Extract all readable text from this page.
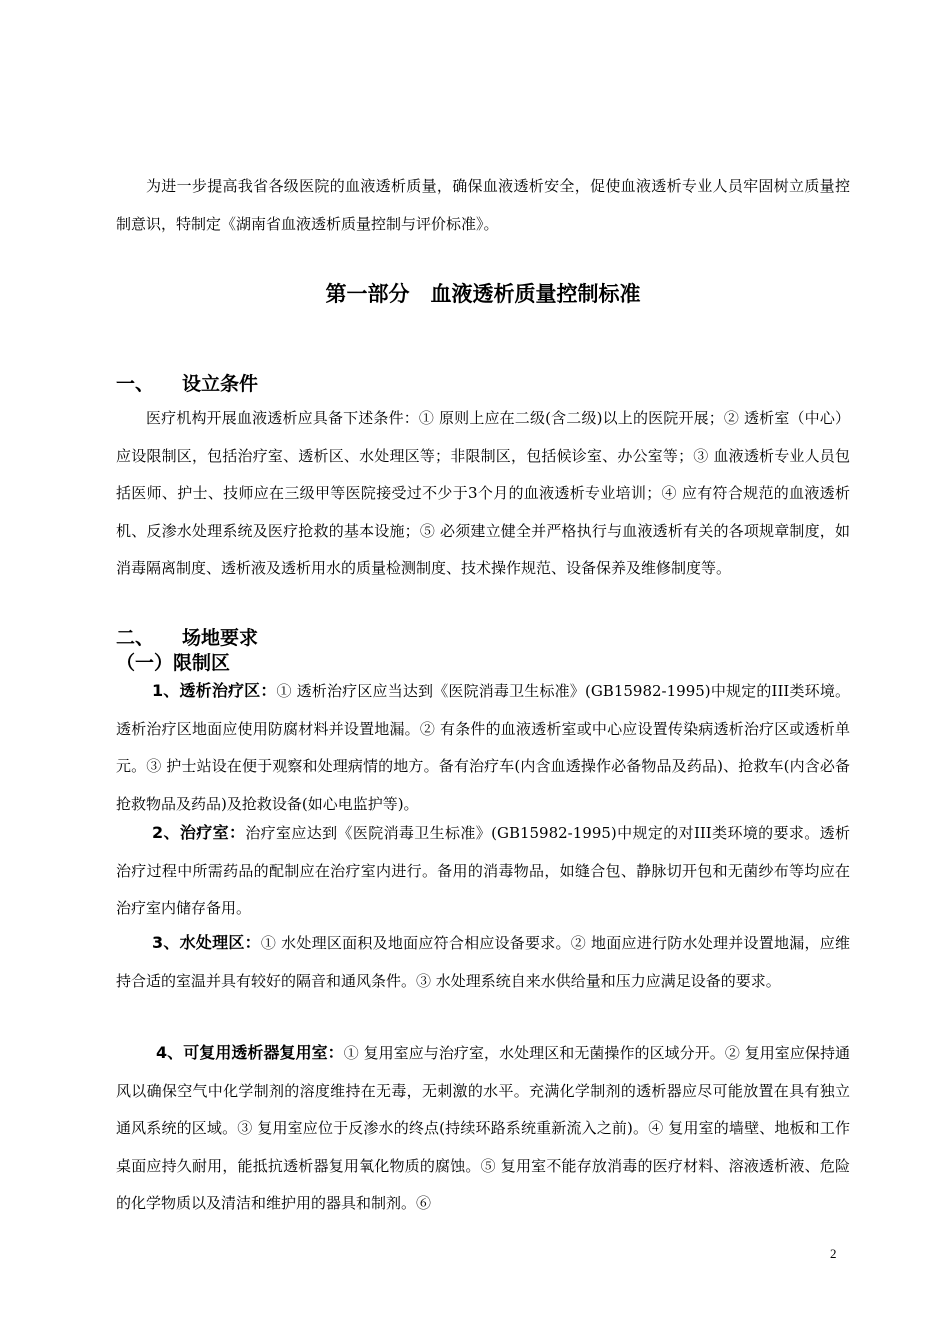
为进一步提高我省各级医院的血液透析质量，确保血液透析安全，促使血液透析专业人员牢固树立质量控制意识，特制定《湖南省血液透析质量控制与评价标准》。

第一部分　血液透析质量控制标准
一、 设立条件

医疗机构开展血液透析应具备下述条件：① 原则上应在二级(含二级)以上的医院开展；② 透析室（中心）应设限制区，包括治疗室、透析区、水处理区等；非限制区，包括候诊室、办公室等；③ 血液透析专业人员包括医师、护士、技师应在三级甲等医院接受过不少于3个月的血液透析专业培训；④ 应有符合规范的血液透析机、反渗水处理系统及医疗抢救的基本设施；⑤ 必须建立健全并严格执行与血液透析有关的各项规章制度，如消毒隔离制度、透析液及透析用水的质量检测制度、技术操作规范、设备保养及维修制度等。

二、 场地要求
（一）限制区

1、透析治疗区：① 透析治疗区应当达到《医院消毒卫生标准》(GB15982-1995)中规定的III类环境。透析治疗区地面应使用防腐材料并设置地漏。② 有条件的血液透析室或中心应设置传染病透析治疗区或透析单元。③ 护士站设在便于观察和处理病情的地方。备有治疗车(内含血透操作必备物品及药品)、抢救车(内含必备抢救物品及药品)及抢救设备(如心电监护等)。

2、治疗室：治疗室应达到《医院消毒卫生标准》(GB15982-1995)中规定的对III类环境的要求。透析治疗过程中所需药品的配制应在治疗室内进行。备用的消毒物品，如缝合包、静脉切开包和无菌纱布等均应在治疗室内储存备用。

3、水处理区：① 水处理区面积及地面应符合相应设备要求。② 地面应进行防水处理并设置地漏，应维持合适的室温并具有较好的隔音和通风条件。③ 水处理系统自来水供给量和压力应满足设备的要求。

4、可复用透析器复用室：① 复用室应与治疗室，水处理区和无菌操作的区域分开。② 复用室应保持通风以确保空气中化学制剂的溶度维持在无毒，无刺激的水平。充满化学制剂的透析器应尽可能放置在具有独立通风系统的区域。③ 复用室应位于反渗水的终点(持续环路系统重新流入之前)。④ 复用室的墙壁、地板和工作桌面应持久耐用，能抵抗透析器复用氧化物质的腐蚀。⑤ 复用室不能存放消毒的医疗材料、溶液透析液、危险的化学物质以及清洁和维护用的器具和制剂。⑥

2
